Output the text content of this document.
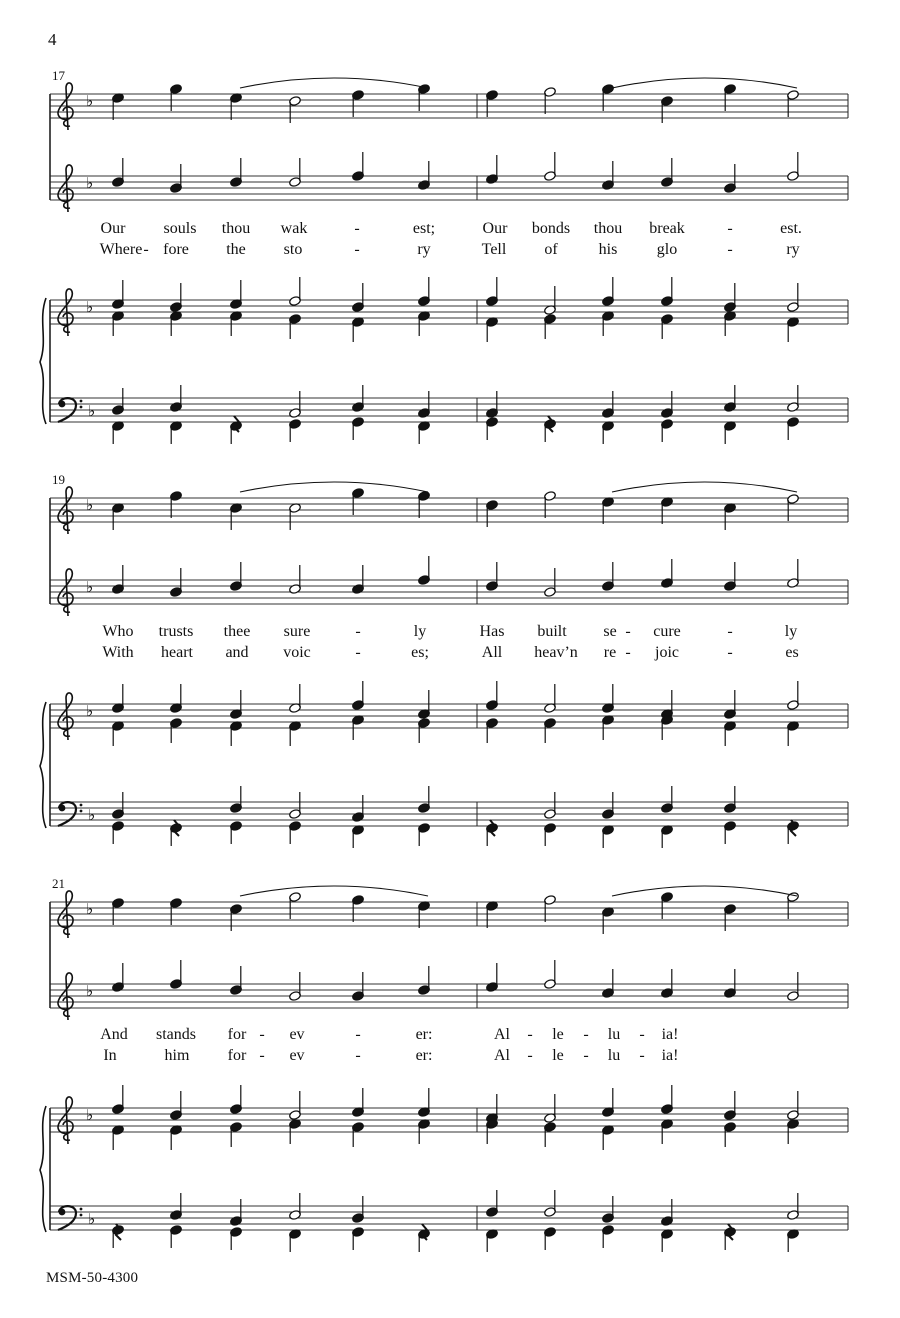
♭
♭
♭
♭
♭
♭
♭
♭
♭
♭
♭
♭
4
MSM-50-4300
17
19
21
Our souls thou wak	-	est;	Our bonds thou break	-	est.
Where - fore the sto	-	ry	Tell of	his glo	-	ry
Who trusts thee sure	-	ly	Has built se - cure	-	ly
With heart and voic	-	es;	All heav’n re - joic	-	es
And stands for - ev	-	er:	Al - le - lu - ia!
In	him for - ev	-	er:	Al - le - lu - ia!
